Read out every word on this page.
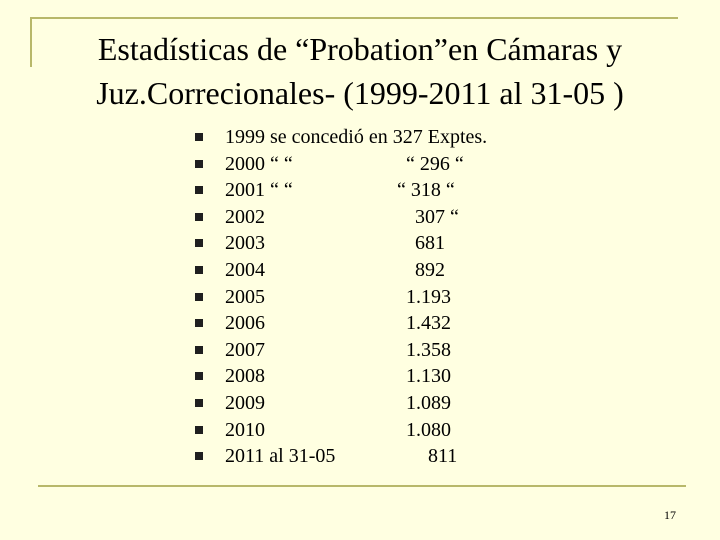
Estadísticas de “Probation”en Cámaras y
Juz.Correcionales- (1999-2011 al 31-05 )
1999 se concedió en 327 Exptes.
2000 “ “	“ 296 “
2001 “ “	“ 318 “
2002	307 “
2003	681
2004	892
2005	1.193
2006	1.432
2007	1.358
2008	1.130
2009	1.089
2010	1.080
2011 al 31-05	811
17
